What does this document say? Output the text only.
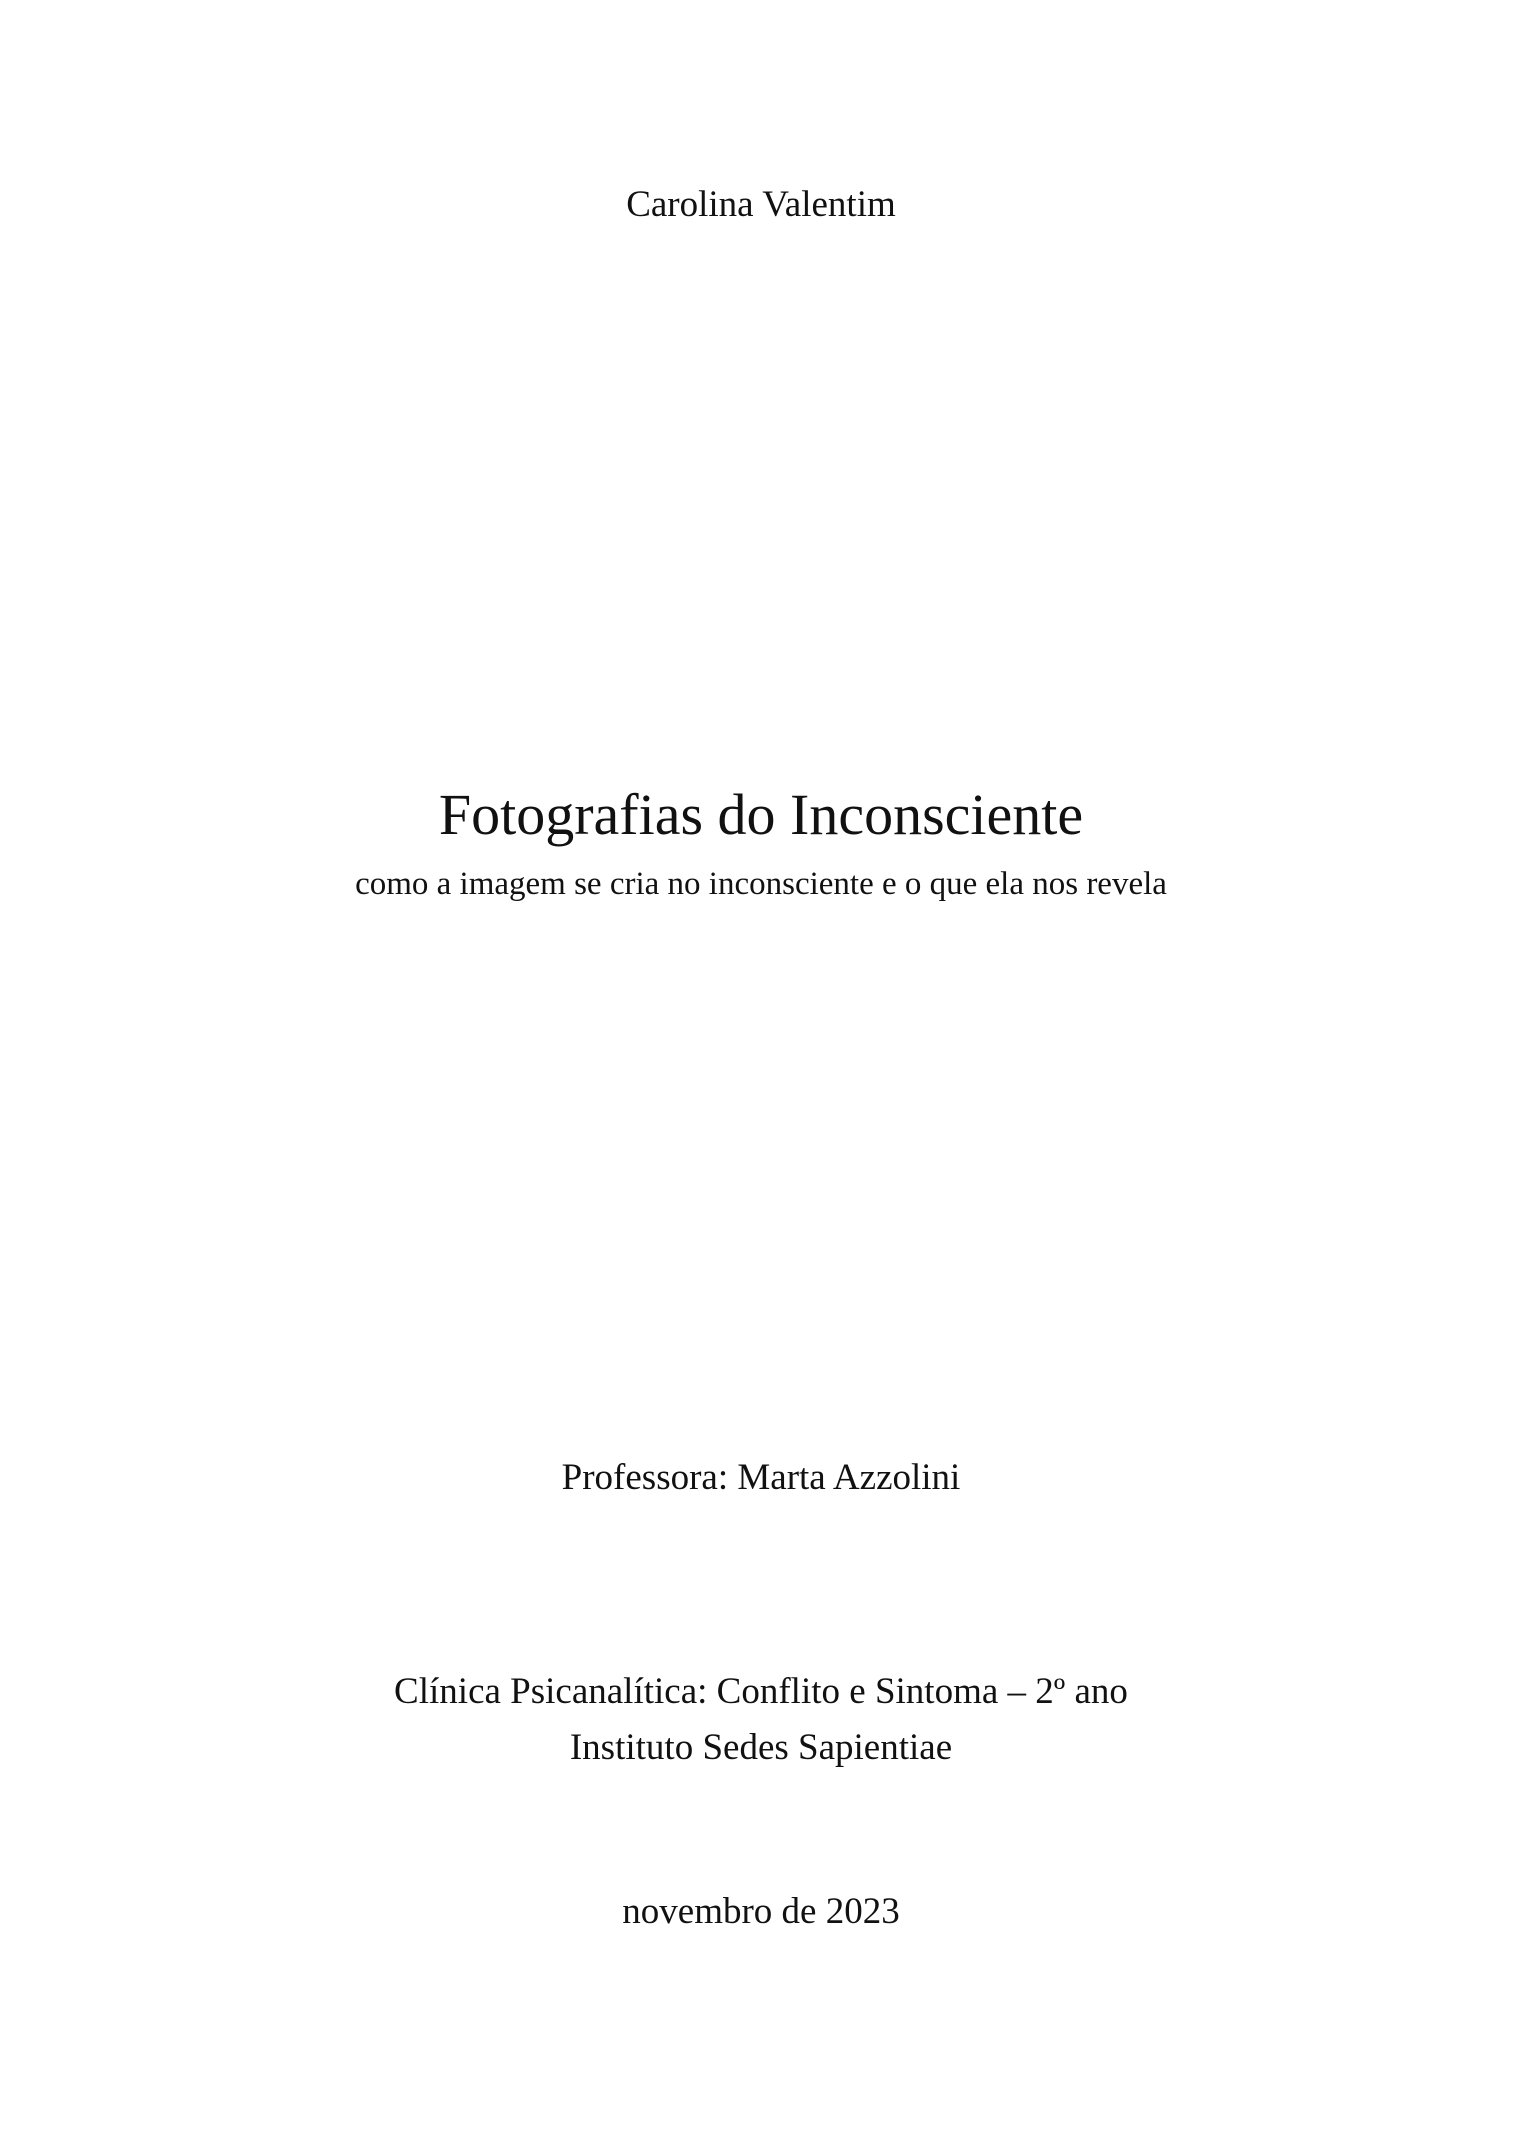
Carolina Valentim
Fotografias do Inconsciente
como a imagem se cria no inconsciente e o que ela nos revela
Professora: Marta Azzolini
Clínica Psicanalítica: Conflito e Sintoma – 2º ano
Instituto Sedes Sapientiae
novembro de 2023
